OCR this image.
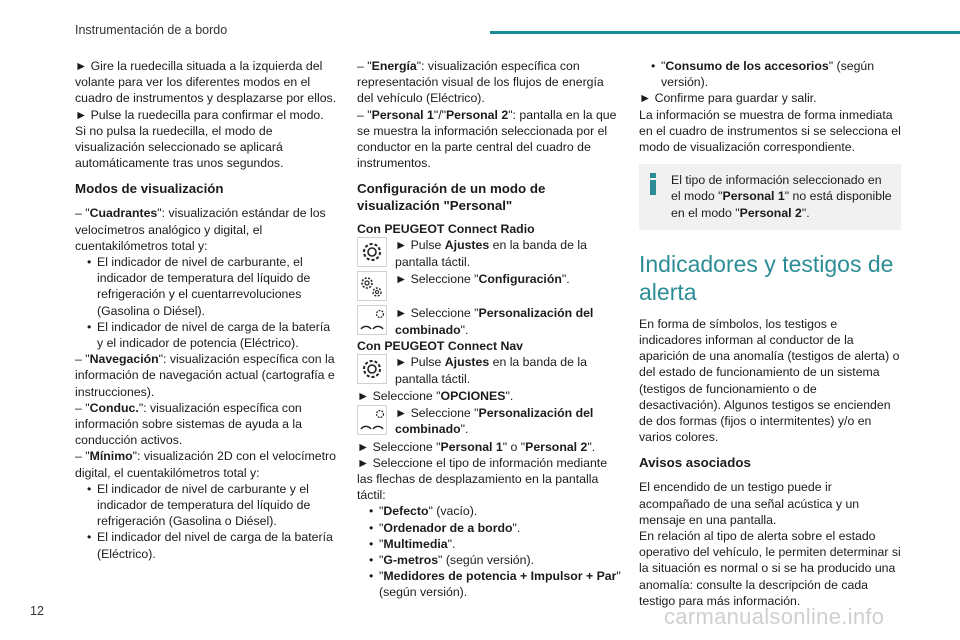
Instrumentación de a bordo

► Gire la ruedecilla situada a la izquierda del volante para ver los diferentes modos en el cuadro de instrumentos y desplazarse por ellos.

► Pulse la ruedecilla para confirmar el modo.

Si no pulsa la ruedecilla, el modo de visualización seleccionado se aplicará automáticamente tras unos segundos.

Modos de visualización

– "Cuadrantes": visualización estándar de los velocímetros analógico y digital, el cuentakilómetros total y:

• El indicador de nivel de carburante, el indicador de temperatura del líquido de refrigeración y el cuentarrevoluciones (Gasolina o Diésel).

• El indicador de nivel de carga de la batería y el indicador de potencia (Eléctrico).

– "Navegación": visualización específica con la información de navegación actual (cartografía e instrucciones).

– "Conduc.": visualización específica con información sobre sistemas de ayuda a la conducción activos.

– "Mínimo": visualización 2D con el velocímetro digital, el cuentakilómetros total y:

• El indicador de nivel de carburante y el indicador de temperatura del líquido de refrigeración (Gasolina o Diésel).

• El indicador del nivel de carga de la batería (Eléctrico).

– "Energía": visualización específica con representación visual de los flujos de energía del vehículo (Eléctrico).

– "Personal 1"/"Personal 2": pantalla en la que se muestra la información seleccionada por el conductor en la parte central del cuadro de instrumentos.

Configuración de un modo de visualización "Personal"
Con PEUGEOT Connect Radio
► Pulse Ajustes en la banda de la pantalla táctil.
► Seleccione "Configuración".
► Seleccione "Personalización del combinado".
Con PEUGEOT Connect Nav
► Pulse Ajustes en la banda de la pantalla táctil.

► Seleccione "OPCIONES".

► Seleccione "Personalización del combinado".

► Seleccione "Personal 1" o "Personal 2".

► Seleccione el tipo de información mediante las flechas de desplazamiento en la pantalla táctil:

• "Defecto" (vacío).

• "Ordenador de a bordo".

• "Multimedia".

• "G-metros" (según versión).

• "Medidores de potencia + Impulsor + Par" (según versión).

• "Consumo de los accesorios" (según versión).

► Confirme para guardar y salir.

La información se muestra de forma inmediata en el cuadro de instrumentos si se selecciona el modo de visualización correspondiente.

El tipo de información seleccionado en el modo "Personal 1" no está disponible en el modo "Personal 2".

Indicadores y testigos de alerta

En forma de símbolos, los testigos e indicadores informan al conductor de la aparición de una anomalía (testigos de alerta) o del estado de funcionamiento de un sistema (testigos de funcionamiento o de desactivación). Algunos testigos se encienden de dos formas (fijos o intermitentes) y/o en varios colores.

Avisos asociados

El encendido de un testigo puede ir acompañado de una señal acústica y un mensaje en una pantalla.

En relación al tipo de alerta sobre el estado operativo del vehículo, le permiten determinar si la situación es normal o si se ha producido una anomalía: consulte la descripción de cada testigo para más información.

12	carmanualsonline.info
